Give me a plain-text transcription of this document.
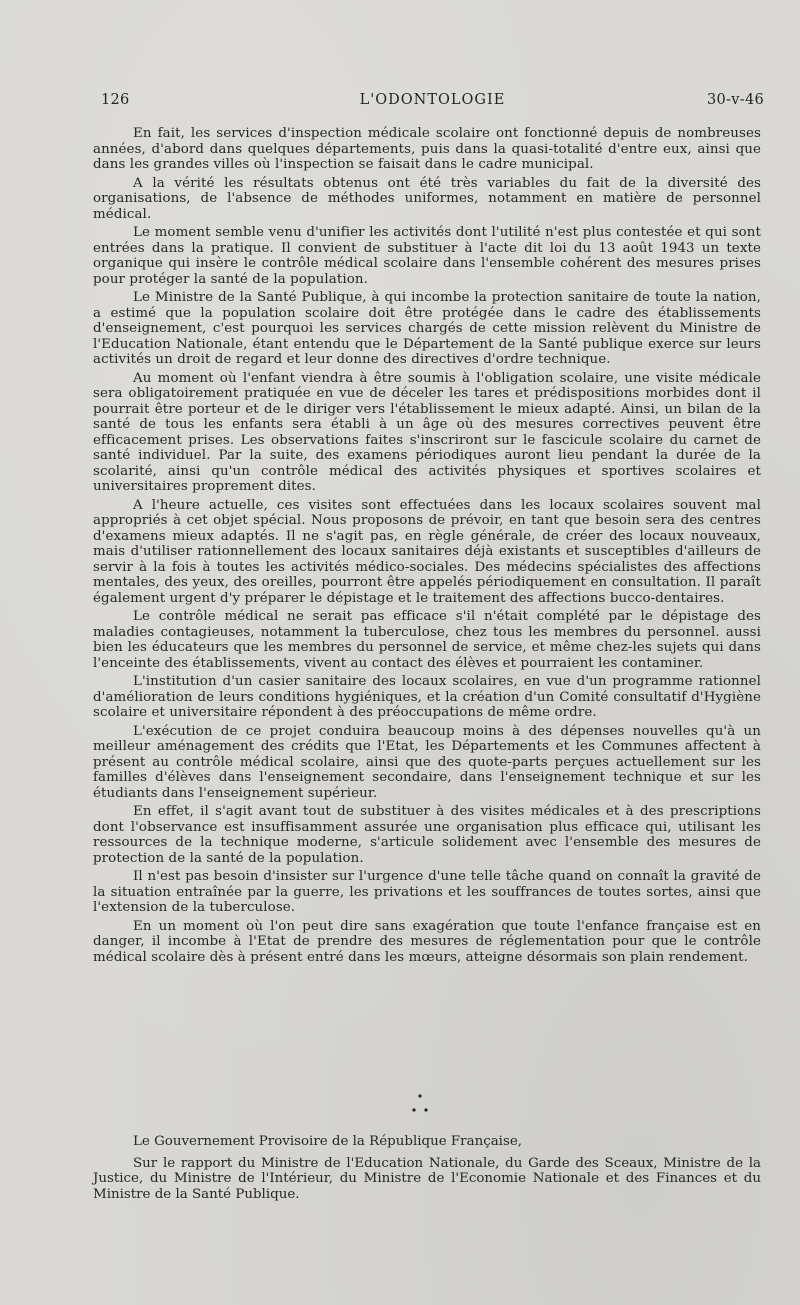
126	L'ODONTOLOGIE	30-v-46

En fait, les services d'inspection médicale scolaire ont fonctionné depuis de nombreuses années, d'abord dans quelques départements, puis dans la quasi-totalité d'entre eux, ainsi que dans les grandes villes où l'inspection se faisait dans le cadre municipal.

A la vérité les résultats obtenus ont été très variables du fait de la diversité des organisations, de l'absence de méthodes uniformes, notamment en matière de personnel médical.

Le moment semble venu d'unifier les activités dont l'utilité n'est plus contestée et qui sont entrées dans la pratique. Il convient de substituer à l'acte dit loi du 13 août 1943 un texte organique qui insère le contrôle médical scolaire dans l'ensemble cohérent des mesures prises pour protéger la santé de la population.

Le Ministre de la Santé Publique, à qui incombe la protection sanitaire de toute la nation, a estimé que la population scolaire doit être protégée dans le cadre des établissements d'enseignement, c'est pourquoi les services chargés de cette mission relèvent du Ministre de l'Education Nationale, étant entendu que le Département de la Santé publique exerce sur leurs activités un droit de regard et leur donne des directives d'ordre technique.

Au moment où l'enfant viendra à être soumis à l'obligation scolaire, une visite médicale sera obligatoirement pratiquée en vue de déceler les tares et prédispositions morbides dont il pourrait être porteur et de le diriger vers l'établissement le mieux adapté. Ainsi, un bilan de la santé de tous les enfants sera établi à un âge où des mesures correctives peuvent être efficacement prises. Les observations faites s'inscriront sur le fascicule scolaire du carnet de santé individuel. Par la suite, des examens périodiques auront lieu pendant la durée de la scolarité, ainsi qu'un contrôle médical des activités physiques et sportives scolaires et universitaires proprement dites.

A l'heure actuelle, ces visites sont effectuées dans les locaux scolaires souvent mal appropriés à cet objet spécial. Nous proposons de prévoir, en tant que besoin sera des centres d'examens mieux adaptés. Il ne s'agit pas, en règle générale, de créer des locaux nouveaux, mais d'utiliser rationnellement des locaux sanitaires déjà existants et susceptibles d'ailleurs de servir à la fois à toutes les activités médico-sociales. Des médecins spécialistes des affections mentales, des yeux, des oreilles, pourront être appelés périodiquement en consultation. Il paraît également urgent d'y préparer le dépistage et le traitement des affections bucco-dentaires.

Le contrôle médical ne serait pas efficace s'il n'était complété par le dépistage des maladies contagieuses, notamment la tuberculose, chez tous les membres du personnel. aussi bien les éducateurs que les membres du personnel de service, et même chez-les sujets qui dans l'enceinte des établissements, vivent au contact des élèves et pourraient les contaminer.

L'institution d'un casier sanitaire des locaux scolaires, en vue d'un programme rationnel d'amélioration de leurs conditions hygiéniques, et la création d'un Comité consultatif d'Hygiène scolaire et universitaire répondent à des préoccupations de même ordre.

L'exécution de ce projet conduira beaucoup moins à des dépenses nouvelles qu'à un meilleur aménagement des crédits que l'Etat, les Départements et les Communes affectent à présent au contrôle médical scolaire, ainsi que des quote-parts perçues actuellement sur les familles d'élèves dans l'enseignement secondaire, dans l'enseignement technique et sur les étudiants dans l'enseignement supérieur.

En effet, il s'agit avant tout de substituer à des visites médicales et à des prescriptions dont l'observance est insuffisamment assurée une organisation plus efficace qui, utilisant les ressources de la technique moderne, s'articule solidement avec l'ensemble des mesures de protection de la santé de la population.

Il n'est pas besoin d'insister sur l'urgence d'une telle tâche quand on connaît la gravité de la situation entraînée par la guerre, les privations et les souffrances de toutes sortes, ainsi que l'extension de la tuberculose.

En un moment où l'on peut dire sans exagération que toute l'enfance française est en danger, il incombe à l'Etat de prendre des mesures de réglementation pour que le contrôle médical scolaire dès à présent entré dans les mœurs, atteigne désormais son plain rendement.

Le Gouvernement Provisoire de la République Française,

Sur le rapport du Ministre de l'Education Nationale, du Garde des Sceaux, Ministre de la Justice, du Ministre de l'Intérieur, du Ministre de l'Economie Nationale et des Finances et du Ministre de la Santé Publique.
